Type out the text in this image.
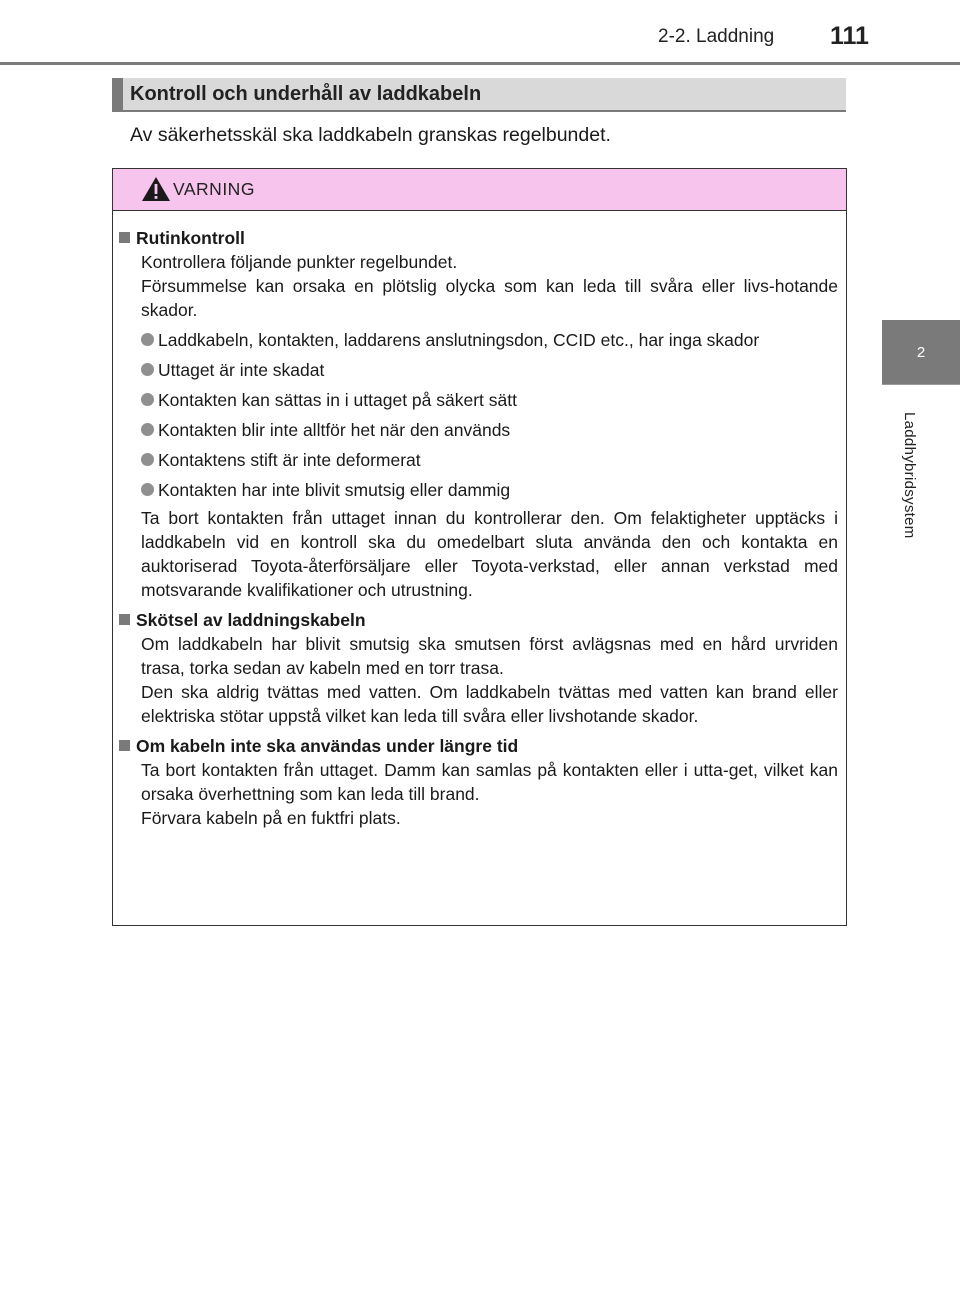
2-2. Laddning 111
2
Laddhybridsystem
Kontroll och underhåll av laddkabeln
Av säkerhetsskäl ska laddkabeln granskas regelbundet.
VARNING
Rutinkontroll
Kontrollera följande punkter regelbundet.
Försummelse kan orsaka en plötslig olycka som kan leda till svåra eller livs-hotande skador.
Laddkabeln, kontakten, laddarens anslutningsdon, CCID etc., har inga skador
Uttaget är inte skadat
Kontakten kan sättas in i uttaget på säkert sätt
Kontakten blir inte alltför het när den används
Kontaktens stift är inte deformerat
Kontakten har inte blivit smutsig eller dammig
Ta bort kontakten från uttaget innan du kontrollerar den. Om felaktigheter upptäcks i laddkabeln vid en kontroll ska du omedelbart sluta använda den och kontakta en auktoriserad Toyota-återförsäljare eller Toyota-verkstad, eller annan verkstad med motsvarande kvalifikationer och utrustning.
Skötsel av laddningskabeln
Om laddkabeln har blivit smutsig ska smutsen först avlägsnas med en hård urvriden trasa, torka sedan av kabeln med en torr trasa.
Den ska aldrig tvättas med vatten. Om laddkabeln tvättas med vatten kan brand eller elektriska stötar uppstå vilket kan leda till svåra eller livshotande skador.
Om kabeln inte ska användas under längre tid
Ta bort kontakten från uttaget. Damm kan samlas på kontakten eller i utta-get, vilket kan orsaka överhettning som kan leda till brand.
Förvara kabeln på en fuktfri plats.
